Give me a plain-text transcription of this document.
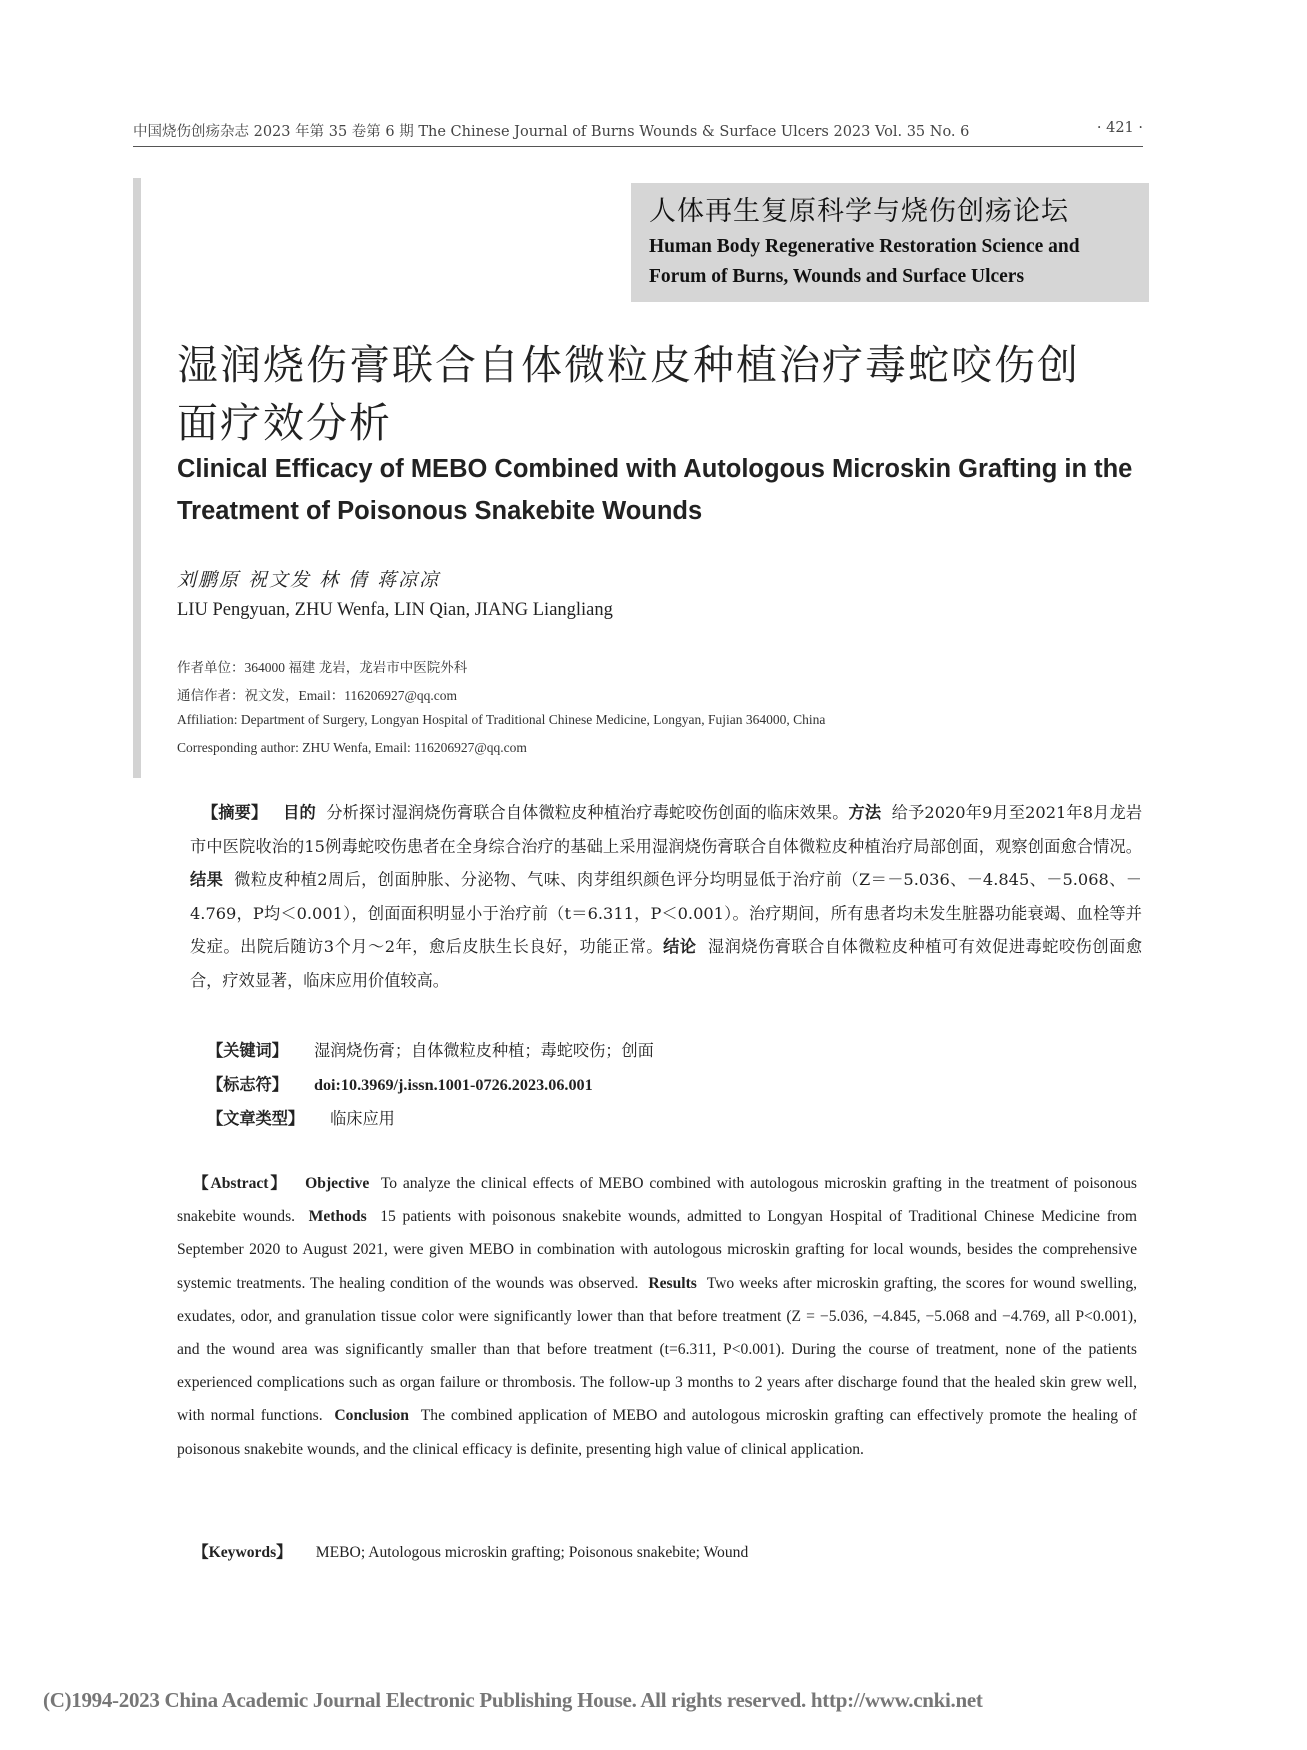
中国烧伤创疡杂志 2023 年第 35 卷第 6 期 The Chinese Journal of Burns Wounds & Surface Ulcers 2023 Vol. 35 No. 6	· 421 ·
人体再生复原科学与烧伤创疡论坛
Human Body Regenerative Restoration Science and
Forum of Burns, Wounds and Surface Ulcers
湿润烧伤膏联合自体微粒皮种植治疗毒蛇咬伤创面疗效分析
Clinical Efficacy of MEBO Combined with Autologous Microskin Grafting in the Treatment of Poisonous Snakebite Wounds
刘鹏原 祝文发 林 倩 蒋凉凉
LIU Pengyuan, ZHU Wenfa, LIN Qian, JIANG Liangliang
作者单位：364000 福建 龙岩，龙岩市中医院外科
通信作者：祝文发，Email：116206927@qq.com
Affiliation: Department of Surgery, Longyan Hospital of Traditional Chinese Medicine, Longyan, Fujian 364000, China
Corresponding author: ZHU Wenfa, Email: 116206927@qq.com
【摘要】 目的 分析探讨湿润烧伤膏联合自体微粒皮种植治疗毒蛇咬伤创面的临床效果。方法 给予2020年9月至2021年8月龙岩市中医院收治的15例毒蛇咬伤患者在全身综合治疗的基础上采用湿润烧伤膏联合自体微粒皮种植治疗局部创面，观察创面愈合情况。结果 微粒皮种植2周后，创面肿胀、分泌物、气味、肉芽组织颜色评分均明显低于治疗前（Z＝－5.036、－4.845、－5.068、－4.769，P均＜0.001），创面面积明显小于治疗前（t＝6.311，P＜0.001）。治疗期间，所有患者均未发生脏器功能衰竭、血栓等并发症。出院后随访3个月～2年，愈后皮肤生长良好，功能正常。结论 湿润烧伤膏联合自体微粒皮种植可有效促进毒蛇咬伤创面愈合，疗效显著，临床应用价值较高。
【关键词】 湿润烧伤膏；自体微粒皮种植；毒蛇咬伤；创面
【标志符】 doi:10.3969/j.issn.1001-0726.2023.06.001
【文章类型】 临床应用
【Abstract】 Objective To analyze the clinical effects of MEBO combined with autologous microskin grafting in the treatment of poisonous snakebite wounds. Methods 15 patients with poisonous snakebite wounds, admitted to Longyan Hospital of Traditional Chinese Medicine from September 2020 to August 2021, were given MEBO in combination with autologous microskin grafting for local wounds, besides the comprehensive systemic treatments. The healing condition of the wounds was observed. Results Two weeks after microskin grafting, the scores for wound swelling, exudates, odor, and granulation tissue color were significantly lower than that before treatment (Z = −5.036, −4.845, −5.068 and −4.769, all P<0.001), and the wound area was significantly smaller than that before treatment (t=6.311, P<0.001). During the course of treatment, none of the patients experienced complications such as organ failure or thrombosis. The follow-up 3 months to 2 years after discharge found that the healed skin grew well, with normal functions. Conclusion The combined application of MEBO and autologous microskin grafting can effectively promote the healing of poisonous snakebite wounds, and the clinical efficacy is definite, presenting high value of clinical application.
【Keywords】 MEBO; Autologous microskin grafting; Poisonous snakebite; Wound
(C)1994-2023 China Academic Journal Electronic Publishing House. All rights reserved. http://www.cnki.net
